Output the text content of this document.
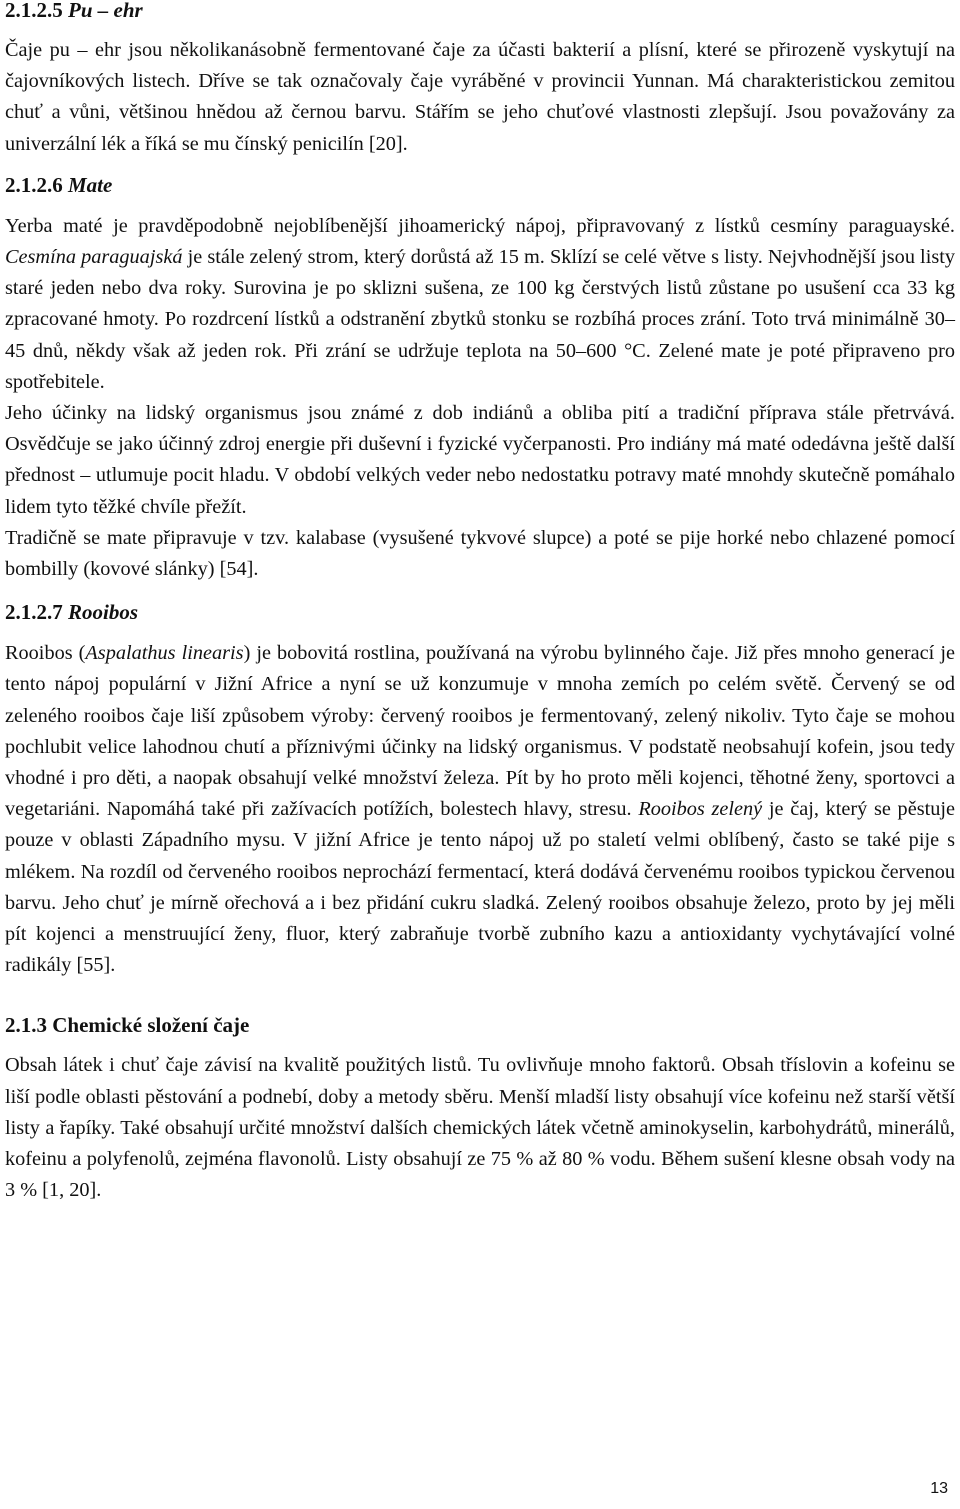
2.1.2.5 Pu – ehr

Čaje pu – ehr jsou několikanásobně fermentované čaje za účasti bakterií a plísní, které se přirozeně vyskytují na čajovníkových listech. Dříve se tak označovaly čaje vyráběné v provincii Yunnan. Má charakteristickou zemitou chuť a vůni, většinou hnědou až černou barvu. Stářím se jeho chuťové vlastnosti zlepšují. Jsou považovány za univerzální lék a říká se mu čínský penicilín [20].

2.1.2.6 Mate

Yerba maté je pravděpodobně nejoblíbenější jihoamerický nápoj, připravovaný z lístků cesmíny paraguayské. Cesmína paraguajská je stále zelený strom, který dorůstá až 15 m. Sklízí se celé větve s listy. Nejvhodnější jsou listy staré jeden nebo dva roky. Surovina je po sklizni sušena, ze 100 kg čerstvých listů zůstane po usušení cca 33 kg zpracované hmoty. Po rozdrcení lístků a odstranění zbytků stonku se rozbíhá proces zrání. Toto trvá minimálně 30– 45 dnů, někdy však až jeden rok. Při zrání se udržuje teplota na 50–600 °C. Zelené mate je poté připraveno pro spotřebitele.

Jeho účinky na lidský organismus jsou známé z dob indiánů a obliba pití a tradiční příprava stále přetrvává. Osvědčuje se jako účinný zdroj energie při duševní i fyzické vyčerpanosti. Pro indiány má maté odedávna ještě další přednost – utlumuje pocit hladu. V období velkých veder nebo nedostatku potravy maté mnohdy skutečně pomáhalo lidem tyto těžké chvíle přežít.

Tradičně se mate připravuje v tzv. kalabase (vysušené tykvové slupce) a poté se pije horké nebo chlazené pomocí bombilly (kovové slánky) [54].

2.1.2.7 Rooibos

Rooibos (Aspalathus linearis) je bobovitá rostlina, používaná na výrobu bylinného čaje. Již přes mnoho generací je tento nápoj populární v Jižní Africe a nyní se už konzumuje v mnoha zemích po celém světě. Červený se od zeleného rooibos čaje liší způsobem výroby: červený rooibos je fermentovaný, zelený nikoliv. Tyto čaje se mohou pochlubit velice lahodnou chutí a příznivými účinky na lidský organismus. V podstatě neobsahují kofein, jsou tedy vhodné i pro děti, a naopak obsahují velké množství železa. Pít by ho proto měli kojenci, těhotné ženy, sportovci a vegetariáni. Napomáhá také při zažívacích potížích, bolestech hlavy, stresu. Rooibos zelený je čaj, který se pěstuje pouze v oblasti Západního mysu. V jižní Africe je tento nápoj už po staletí velmi oblíbený, často se také pije s mlékem. Na rozdíl od červeného rooibos neprochází fermentací, která dodává červenému rooibos typickou červenou barvu. Jeho chuť je mírně ořechová a i bez přidání cukru sladká. Zelený rooibos obsahuje železo, proto by jej měli pít kojenci a menstruující ženy, fluor, který zabraňuje tvorbě zubního kazu a antioxidanty vychytávající volné radikály [55].

2.1.3 Chemické složení čaje

Obsah látek i chuť čaje závisí na kvalitě použitých listů. Tu ovlivňuje mnoho faktorů. Obsah tříslovin a kofeinu se liší podle oblasti pěstování a podnebí, doby a metody sběru. Menší mladší listy obsahují více kofeinu než starší větší listy a řapíky. Také obsahují určité množství dalších chemických látek včetně aminokyselin, karbohydrátů, minerálů, kofeinu a polyfenolů, zejména flavonolů. Listy obsahují ze 75 % až 80 % vodu. Během sušení klesne obsah vody na 3 % [1, 20].

13
